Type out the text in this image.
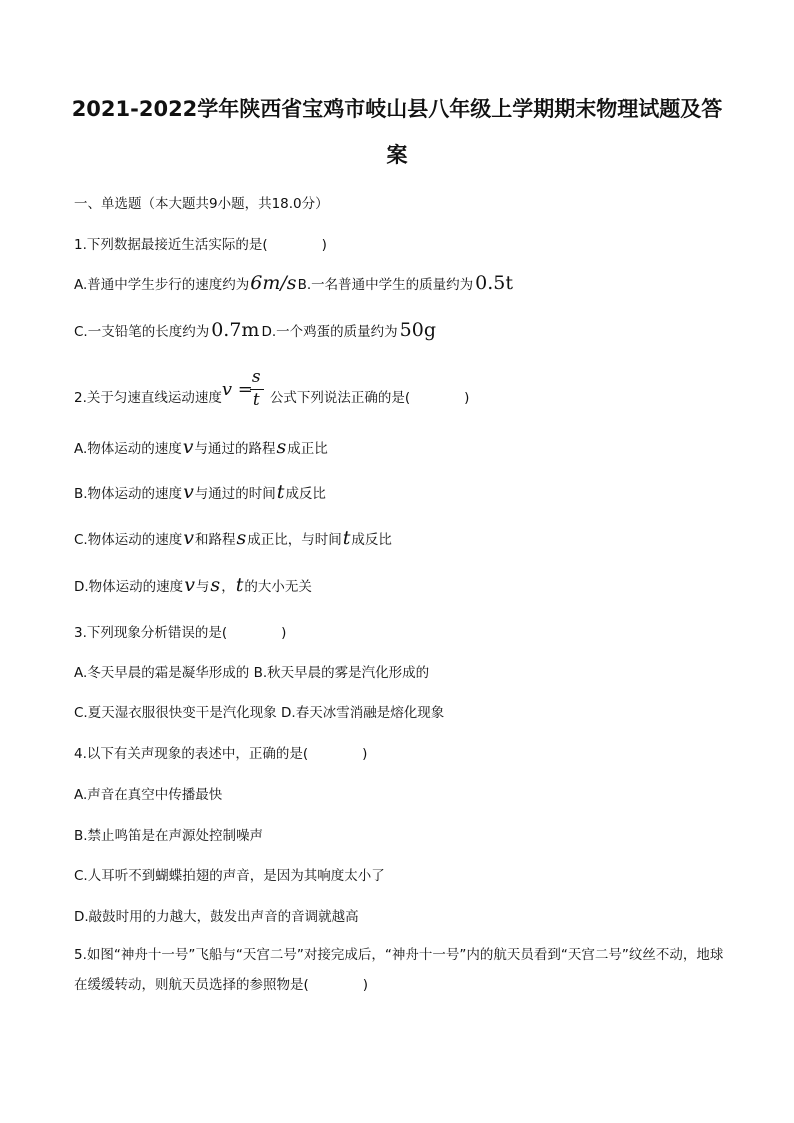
2021-2022学年陕西省宝鸡市岐山县八年级上学期期末物理试题及答
案
一、单选题（本大题共9小题，共18.0分）
1.下列数据最接近生活实际的是(　　　　)
A.普通中学生步行的速度约为6m/sB.一名普通中学生的质量约为 0.5t
C.一支铅笔的长度约为 0.7m D.一个鸡蛋的质量约为 50g
2.关于匀速直线运动速度 v =
s
t 公式下列说法正确的是(　　　　)
A.物体运动的速度v与通过的路程s成正比
B.物体运动的速度v与通过的时间t成反比
C.物体运动的速度v和路程s成正比，与时间t成反比
D.物体运动的速度v与s，t的大小无关
3.下列现象分析错误的是(　　　　)
A.冬天早晨的霜是凝华形成的 B.秋天早晨的雾是汽化形成的
C.夏天湿衣服很快变干是汽化现象 D.春天冰雪消融是熔化现象
4.以下有关声现象的表述中，正确的是(　　　　)
A.声音在真空中传播最快
B.禁止鸣笛是在声源处控制噪声
C.人耳听不到蝴蝶拍翅的声音，是因为其响度太小了
D.敲鼓时用的力越大，鼓发出声音的音调就越高
5.如图“神舟十一号”飞船与“天宫二号”对接完成后，“神舟十一号”内的航天员看到“天宫二号”纹丝不动，地球在缓缓转动，则航天员选择的参照物是(　　　　)
